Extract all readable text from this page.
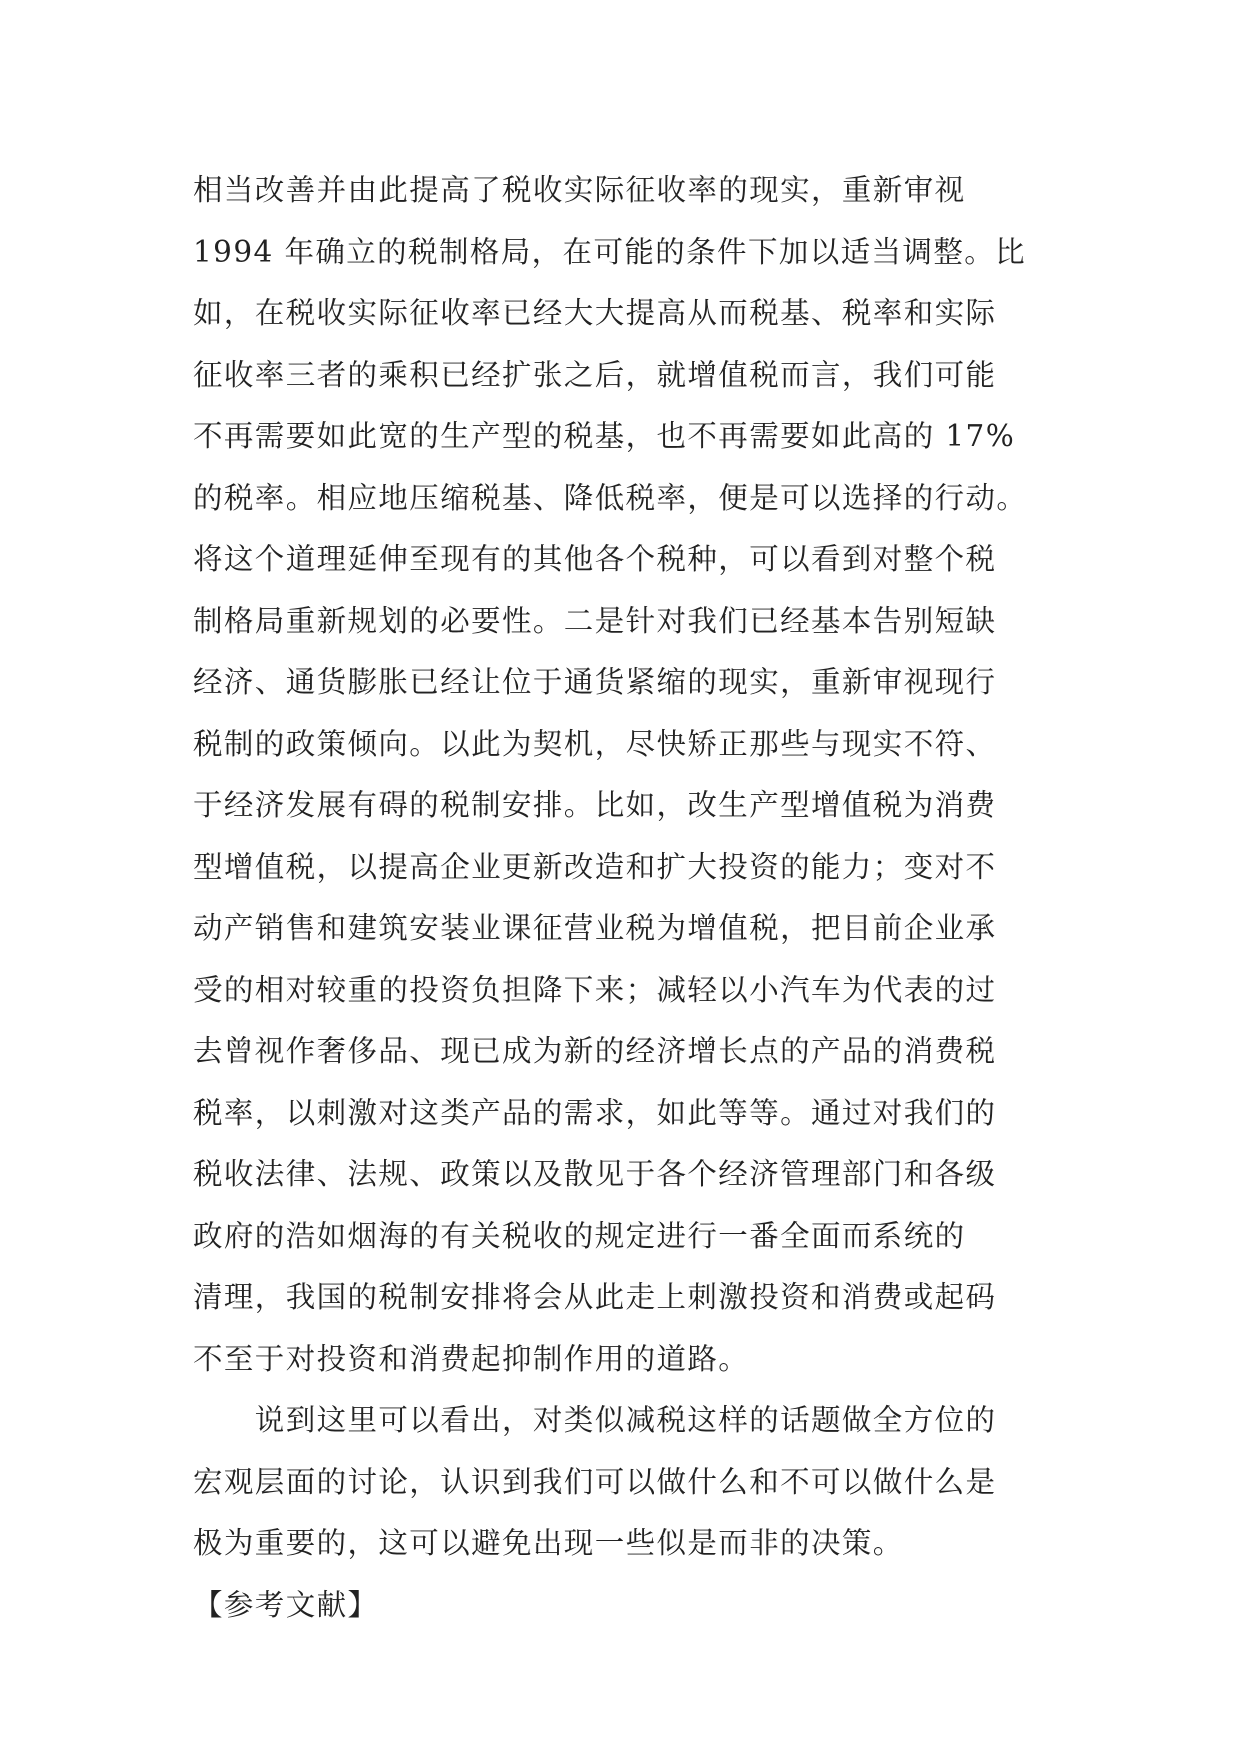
相当改善并由此提高了税收实际征收率的现实，重新审视
1994 年确立的税制格局，在可能的条件下加以适当调整。比
如，在税收实际征收率已经大大提高从而税基、税率和实际
征收率三者的乘积已经扩张之后，就增值税而言，我们可能
不再需要如此宽的生产型的税基，也不再需要如此高的 17%
的税率。相应地压缩税基、降低税率，便是可以选择的行动。
将这个道理延伸至现有的其他各个税种，可以看到对整个税
制格局重新规划的必要性。二是针对我们已经基本告别短缺
经济、通货膨胀已经让位于通货紧缩的现实，重新审视现行
税制的政策倾向。以此为契机，尽快矫正那些与现实不符、
于经济发展有碍的税制安排。比如，改生产型增值税为消费
型增值税，以提高企业更新改造和扩大投资的能力；变对不
动产销售和建筑安装业课征营业税为增值税，把目前企业承
受的相对较重的投资负担降下来；减轻以小汽车为代表的过
去曾视作奢侈品、现已成为新的经济增长点的产品的消费税
税率，以刺激对这类产品的需求，如此等等。通过对我们的
税收法律、法规、政策以及散见于各个经济管理部门和各级
政府的浩如烟海的有关税收的规定进行一番全面而系统的
清理，我国的税制安排将会从此走上刺激投资和消费或起码
不至于对投资和消费起抑制作用的道路。
　　说到这里可以看出，对类似减税这样的话题做全方位的
宏观层面的讨论，认识到我们可以做什么和不可以做什么是
极为重要的，这可以避免出现一些似是而非的决策。
【参考文献】
